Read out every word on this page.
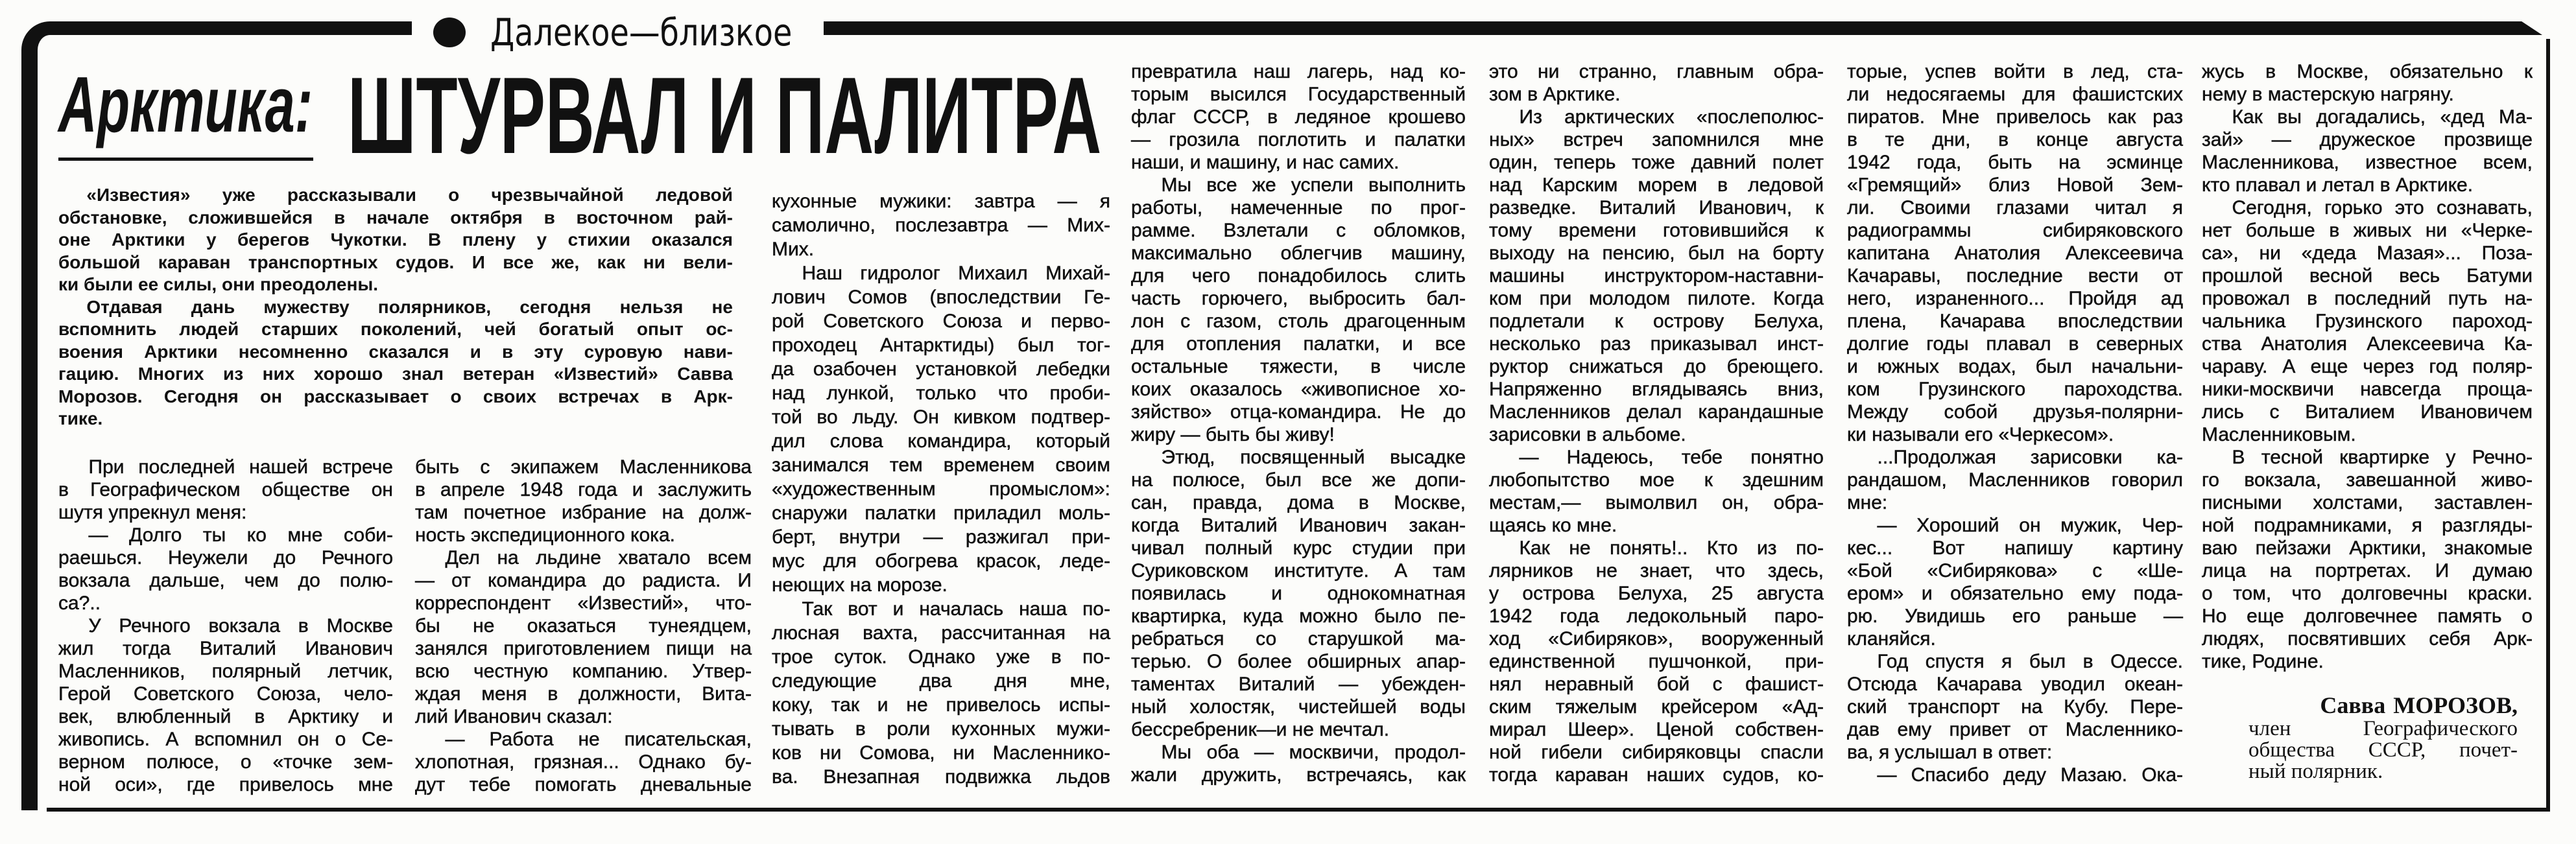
Далекое—близкое
Арктика: ШТУРВАЛ И ПАЛИТРА
«Известия» уже рассказывали о чрезвычайной ледовой
обстановке, сложившейся в начале октября в восточном рай-
оне Арктики у берегов Чукотки. В плену у стихии оказался
большой караван транспортных судов. И все же, как ни вели-
ки были ее силы, они преодолены.
Отдавая дань мужеству полярников, сегодня нельзя не
вспомнить людей старших поколений, чей богатый опыт ос-
воения Арктики несомненно сказался и в эту суровую нави-
гацию. Многих из них хорошо знал ветеран «Известий» Савва
Морозов. Сегодня он рассказывает о своих встречах в Арк-
тике.
При последней нашей встрече
в Географическом обществе он
шутя упрекнул меня:
— Долго ты ко мне соби-
раешься. Неужели до Речного
вокзала дальше, чем до полю-
са?..
У Речного вокзала в Москве
жил тогда Виталий Иванович
Масленников, полярный летчик,
Герой Советского Союза, чело-
век, влюбленный в Арктику и
живопись. А вспомнил он о Се-
верном полюсе, о «точке зем-
ной оси», где привелось мне
быть с экипажем Масленникова
в апреле 1948 года и заслужить
там почетное избрание на долж-
ность экспедиционного кока.
Дел на льдине хватало всем
— от командира до радиста. И
корреспондент «Известий», что-
бы не оказаться тунеядцем,
занялся приготовлением пищи на
всю честную компанию. Утвер-
ждая меня в должности, Вита-
лий Иванович сказал:
— Работа не писательская,
хлопотная, грязная... Однако бу-
дут тебе помогать дневальные
кухонные мужики: завтра — я
самолично, послезавтра — Мих-
Мих.
Наш гидролог Михаил Михай-
лович Сомов (впоследствии Ге-
рой Советского Союза и перво-
проходец Антарктиды) был тог-
да озабочен установкой лебедки
над лункой, только что проби-
той во льду. Он кивком подтвер-
дил слова командира, который
занимался тем временем своим
«художественным промыслом»:
снаружи палатки приладил моль-
берт, внутри — разжигал при-
мус для обогрева красок, леде-
неющих на морозе.
Так вот и началась наша по-
люсная вахта, рассчитанная на
трое суток. Однако уже в по-
следующие два дня мне,
коку, так и не привелось испы-
тывать в роли кухонных мужи-
ков ни Сомова, ни Масленнико-
ва. Внезапная подвижка льдов
превратила наш лагерь, над ко-
торым высился Государственный
флаг СССР, в ледяное крошево
— грозила поглотить и палатки
наши, и машину, и нас самих.
Мы все же успели выполнить
работы, намеченные по прог-
рамме. Взлетали с обломков,
максимально облегчив машину,
для чего понадобилось слить
часть горючего, выбросить бал-
лон с газом, столь драгоценным
для отопления палатки, и все
остальные тяжести, в числе
коих оказалось «живописное хо-
зяйство» отца-командира. Не до
жиру — быть бы живу!
Этюд, посвященный высадке
на полюсе, был все же допи-
сан, правда, дома в Москве,
когда Виталий Иванович закан-
чивал полный курс студии при
Суриковском институте. А там
появилась и однокомнатная
квартирка, куда можно было пе-
ребраться со старушкой ма-
терью. О более обширных апар-
таментах Виталий — убежден-
ный холостяк, чистейшей воды
бессребреник—и не мечтал.
Мы оба — москвичи, продол-
жали дружить, встречаясь, как
это ни странно, главным обра-
зом в Арктике.
Из арктических «послеполюс-
ных» встреч запомнился мне
один, теперь тоже давний полет
над Карским морем в ледовой
разведке. Виталий Иванович, к
тому времени готовившийся к
выходу на пенсию, был на борту
машины инструктором-наставни-
ком при молодом пилоте. Когда
подлетали к острову Белуха,
несколько раз приказывал инст-
руктор снижаться до бреющего.
Напряженно вглядываясь вниз,
Масленников делал карандашные
зарисовки в альбоме.
— Надеюсь, тебе понятно
любопытство мое к здешним
местам,— вымолвил он, обра-
щаясь ко мне.
Как не понять!.. Кто из по-
лярников не знает, что здесь,
у острова Белуха, 25 августа
1942 года ледокольный паро-
ход «Сибиряков», вооруженный
единственной пушчонкой, при-
нял неравный бой с фашист-
ским тяжелым крейсером «Ад-
мирал Шеер». Ценой собствен-
ной гибели сибиряковцы спасли
тогда караван наших судов, ко-
торые, успев войти в лед, ста-
ли недосягаемы для фашистских
пиратов. Мне привелось как раз
в те дни, в конце августа
1942 года, быть на эсминце
«Гремящий» близ Новой Зем-
ли. Своими глазами читал я
радиограммы сибиряковского
капитана Анатолия Алексеевича
Качаравы, последние вести от
него, израненного... Пройдя ад
плена, Качарава впоследствии
долгие годы плавал в северных
и южных водах, был начальни-
ком Грузинского пароходства.
Между собой друзья-полярни-
ки называли его «Черкесом».
...Продолжая зарисовки ка-
рандашом, Масленников говорил
мне:
— Хороший он мужик, Чер-
кес... Вот напишу картину
«Бой «Сибирякова» с «Ше-
ером» и обязательно ему пода-
рю. Увидишь его раньше —
кланяйся.
Год спустя я был в Одессе.
Отсюда Качарава уводил океан-
ский транспорт на Кубу. Пере-
дав ему привет от Масленнико-
ва, я услышал в ответ:
— Спасибо деду Мазаю. Ока-
жусь в Москве, обязательно к
нему в мастерскую нагряну.
Как вы догадались, «дед Ма-
зай» — дружеское прозвище
Масленникова, известное всем,
кто плавал и летал в Арктике.
Сегодня, горько это сознавать,
нет больше в живых ни «Черке-
са», ни «деда Мазая»... Поза-
прошлой весной весь Батуми
провожал в последний путь на-
чальника Грузинского пароход-
ства Анатолия Алексеевича Ка-
чараву. А еще через год поляр-
ники-москвичи навсегда проща-
лись с Виталием Ивановичем
Масленниковым.
В тесной квартирке у Речно-
го вокзала, завешанной живо-
писными холстами, заставлен-
ной подрамниками, я разгляды-
ваю пейзажи Арктики, знакомые
лица на портретах. И думаю
о том, что долговечны краски.
Но еще долговечнее память о
людях, посвятивших себя Арк-
тике, Родине.
Савва МОРОЗОВ,
член Географического
общества СССР, почет-
ный полярник.
